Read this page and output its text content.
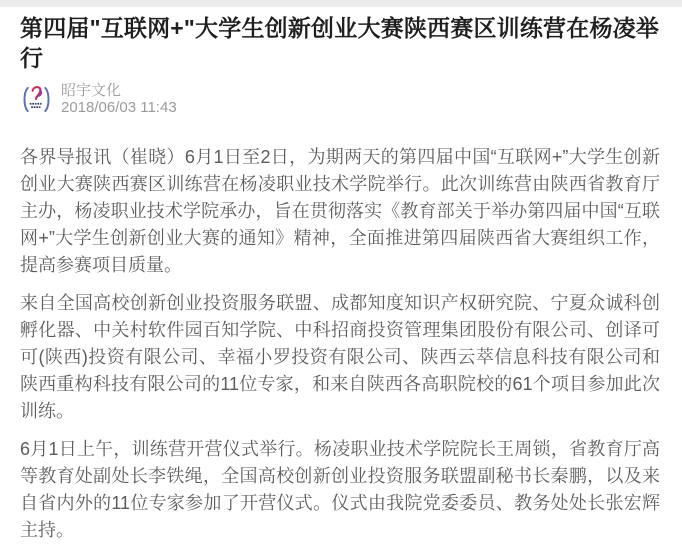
第四届"互联网+"大学生创新创业大赛陕西赛区训练营在杨凌举行
昭宇文化
2018/06/03 11:43

各界导报讯（崔晓）6月1日至2日，为期两天的第四届中国“互联网+”大学生创新创业大赛陕西赛区训练营在杨凌职业技术学院举行。此次训练营由陕西省教育厅主办，杨凌职业技术学院承办，旨在贯彻落实《教育部关于举办第四届中国“互联网+”大学生创新创业大赛的通知》精神，全面推进第四届陕西省大赛组织工作，提高参赛项目质量。

来自全国高校创新创业投资服务联盟、成都知度知识产权研究院、宁夏众诚科创孵化器、中关村软件园百知学院、中科招商投资管理集团股份有限公司、创译可可(陕西)投资有限公司、幸福小罗投资有限公司、陕西云萃信息科技有限公司和陕西重构科技有限公司的11位专家，和来自陕西各高职院校的61个项目参加此次训练。

6月1日上午，训练营开营仪式举行。杨凌职业技术学院院长王周锁，省教育厅高等教育处副处长李铁绳，全国高校创新创业投资服务联盟副秘书长秦鹏，以及来自省内外的11位专家参加了开营仪式。仪式由我院党委委员、教务处处长张宏辉主持。
